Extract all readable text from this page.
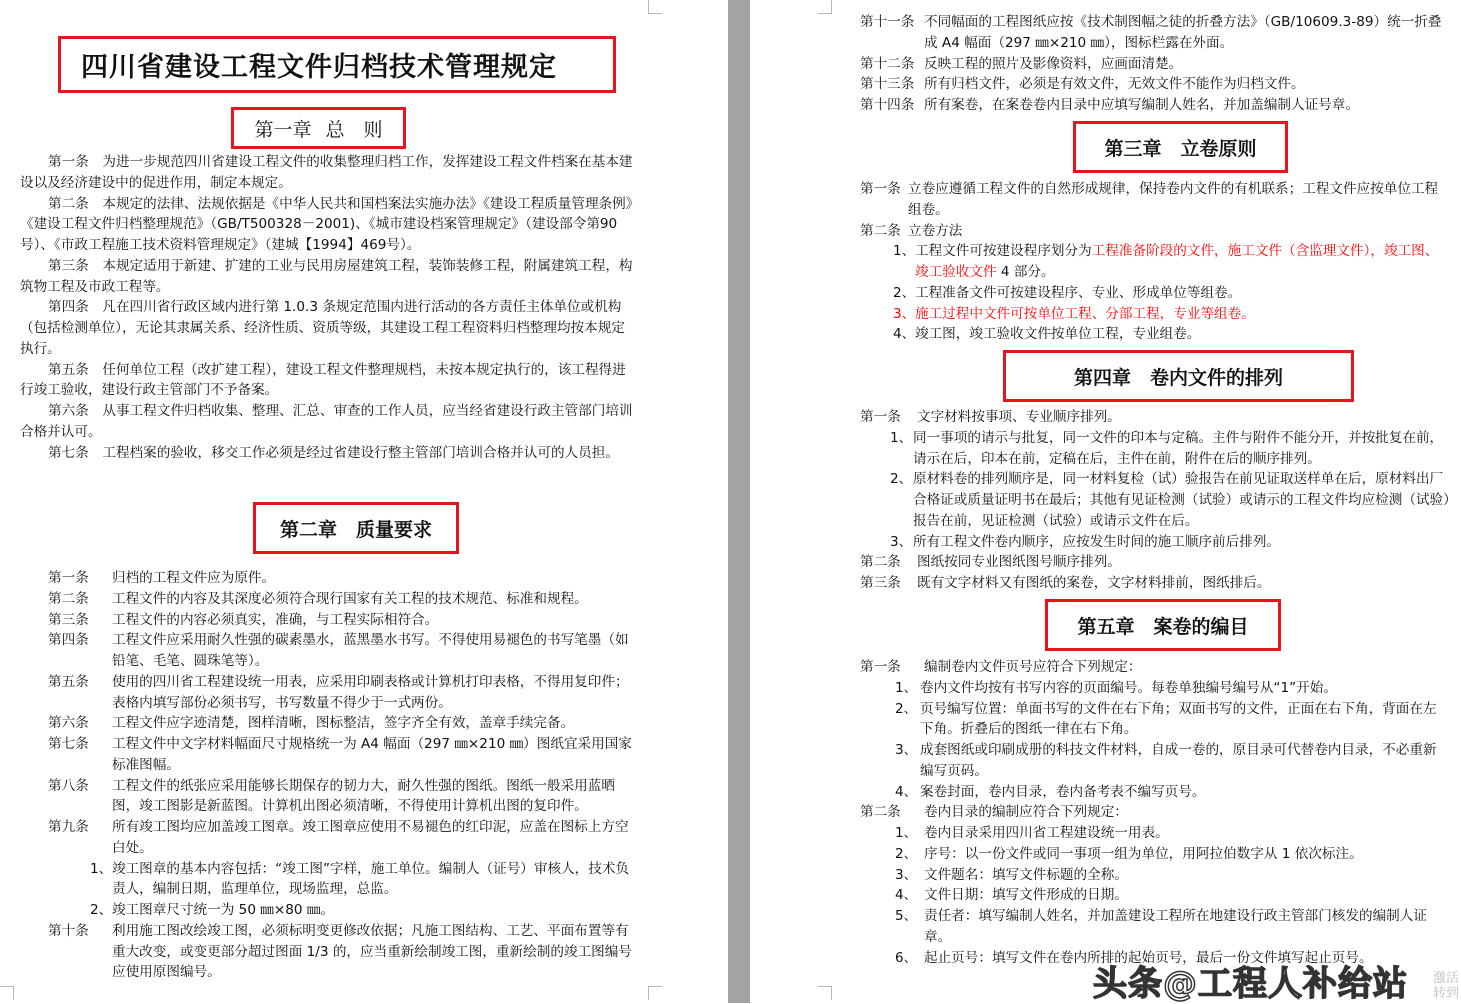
四川省建设工程文件归档技术管理规定
第一章 总　则
第一条　为进一步规范四川省建设工程文件的收集整理归档工作，发挥建设工程文件档案在基本建设以及经济建设中的促进作用，制定本规定。
第二条　本规定的法律、法规依据是《中华人民共和国档案法实施办法》《建设工程质量管理条例》《建设工程文件归档整理规范》（GB/T500328－2001)、《城市建设档案管理规定》（建设部令第90号）、《市政工程施工技术资料管理规定》（建城【1994】469号）。
第三条　本规定适用于新建、扩建的工业与民用房屋建筑工程，装饰装修工程，附属建筑工程，构筑物工程及市政工程等。
第四条　凡在四川省行政区域内进行第 1.0.3 条规定范围内进行活动的各方责任主体单位或机构（包括检测单位），无论其隶属关系、经济性质、资质等级，其建设工程工程资料归档整理均按本规定执行。
第五条　任何单位工程（改扩建工程），建设工程文件整理规档，未按本规定执行的，该工程得进行竣工验收，建设行政主管部门不予备案。
第六条　从事工程文件归档收集、整理、汇总、审查的工作人员，应当经省建设行政主管部门培训合格并认可。
第七条　工程档案的验收，移交工作必须是经过省建设行整主管部门培训合格并认可的人员担。
第二章　质量要求
第一条	归档的工程文件应为原件。
第二条	工程文件的内容及其深度必须符合现行国家有关工程的技术规范、标准和规程。
第三条	工程文件的内容必须真实，准确，与工程实际相符合。
第四条	工程文件应采用耐久性强的碳素墨水，蓝黑墨水书写。不得使用易褪色的书写笔墨（如铅笔、毛笔、圆珠笔等）。
第五条	使用的四川省工程建设统一用表，应采用印刷表格或计算机打印表格，不得用复印件；表格内填写部份必须书写，书写数量不得少于一式两份。
第六条	工程文件应字迹清楚，图样清晰，图标整洁，签字齐全有效，盖章手续完备。
第七条	工程文件中文字材料幅面尺寸规格统一为 A4 幅面（297 ㎜×210 ㎜）图纸宜采用国家标准图幅。
第八条	工程文件的纸张应采用能够长期保存的韧力大，耐久性强的图纸。图纸一般采用蓝晒图，竣工图影是新蓝图。计算机出图必须清晰，不得使用计算机出图的复印件。
第九条	所有竣工图均应加盖竣工图章。竣工图章应使用不易褪色的红印泥，应盖在图标上方空白处。
1、 竣工图章的基本内容包括：“竣工图”字样，施工单位。编制人（证号）审核人，技术负责人，编制日期，监理单位，现场监理，总监。
2、 竣工图章尺寸统一为 50 ㎜×80 ㎜。
第十条	利用施工图改绘竣工图，必须标明变更修改依据；凡施工图结构、工艺、平面布置等有重大改变，或变更部分超过图面 1/3 的，应当重新绘制竣工图，重新绘制的竣工图编号应使用原图编号。
第十一条 不同幅面的工程图纸应按《技术制图幅之徒的折叠方法》（GB/10609.3-89）统一折叠成 A4 幅面（297 ㎜×210 ㎜），图标栏露在外面。
第十二条 反映工程的照片及影像资料，应画面清楚。
第十三条 所有归档文件，必须是有效文件，无效文件不能作为归档文件。
第十四条 所有案卷，在案卷卷内目录中应填写编制人姓名，并加盖编制人证号章。
第三章　立卷原则
第一条 立卷应遵循工程文件的自然形成规律，保持卷内文件的有机联系；工程文件应按单位工程组卷。
第二条 立卷方法
1、 工程文件可按建设程序划分为工程准备阶段的文件，施工文件（含监理文件），竣工图、竣工验收文件 4 部分。
2、 工程准备文件可按建设程序、专业、形成单位等组卷。
3、 施工过程中文件可按单位工程、分部工程，专业等组卷。
4、 竣工图，竣工验收文件按单位工程，专业组卷。
第四章　卷内文件的排列
第一条	文字材料按事项、专业顺序排列。
1、 同一事项的请示与批复，同一文件的印本与定稿。主件与附件不能分开，并按批复在前，请示在后，印本在前，定稿在后，主件在前，附件在后的顺序排列。
2、 原材料卷的排列顺序是，同一材料复检（试）验报告在前见证取送样单在后，原材料出厂合格证或质量证明书在最后；其他有见证检测（试验）或请示的工程文件均应检测（试验）报告在前，见证检测（试验）或请示文件在后。
3、 所有工程文件卷内顺序，应按发生时间的施工顺序前后排列。
第二条	图纸按同专业图纸图号顺序排列。
第三条	既有文字材料又有图纸的案卷，文字材料排前，图纸排后。
第五章　案卷的编目
第一条	编制卷内文件页号应符合下列规定：
1、 卷内文件均按有书写内容的页面编号。每卷单独编号编号从“1”开始。
2、 页号编写位置：单面书写的文件在右下角；双面书写的文件，正面在右下角，背面在左下角。折叠后的图纸一律在右下角。
3、 成套图纸或印刷成册的科技文件材料，自成一卷的，原目录可代替卷内目录，不必重新编写页码。
4、 案卷封面，卷内目录，卷内备考表不编写页号。
第二条	卷内目录的编制应符合下列规定：
1、 卷内目录采用四川省工程建设统一用表。
2、 序号：以一份文件或同一事项一组为单位，用阿拉伯数字从 1 依次标注。
3、 文件题名：填写文件标题的全称。
4、 文件日期：填写文件形成的日期。
5、 责任者：填写编制人姓名，并加盖建设工程所在地建设行政主管部门核发的编制人证章。
6、 起止页号：填写文件在卷内所排的起始页号，最后一份文件填写起止页号。
头条@工程人补给站 激活
转到
